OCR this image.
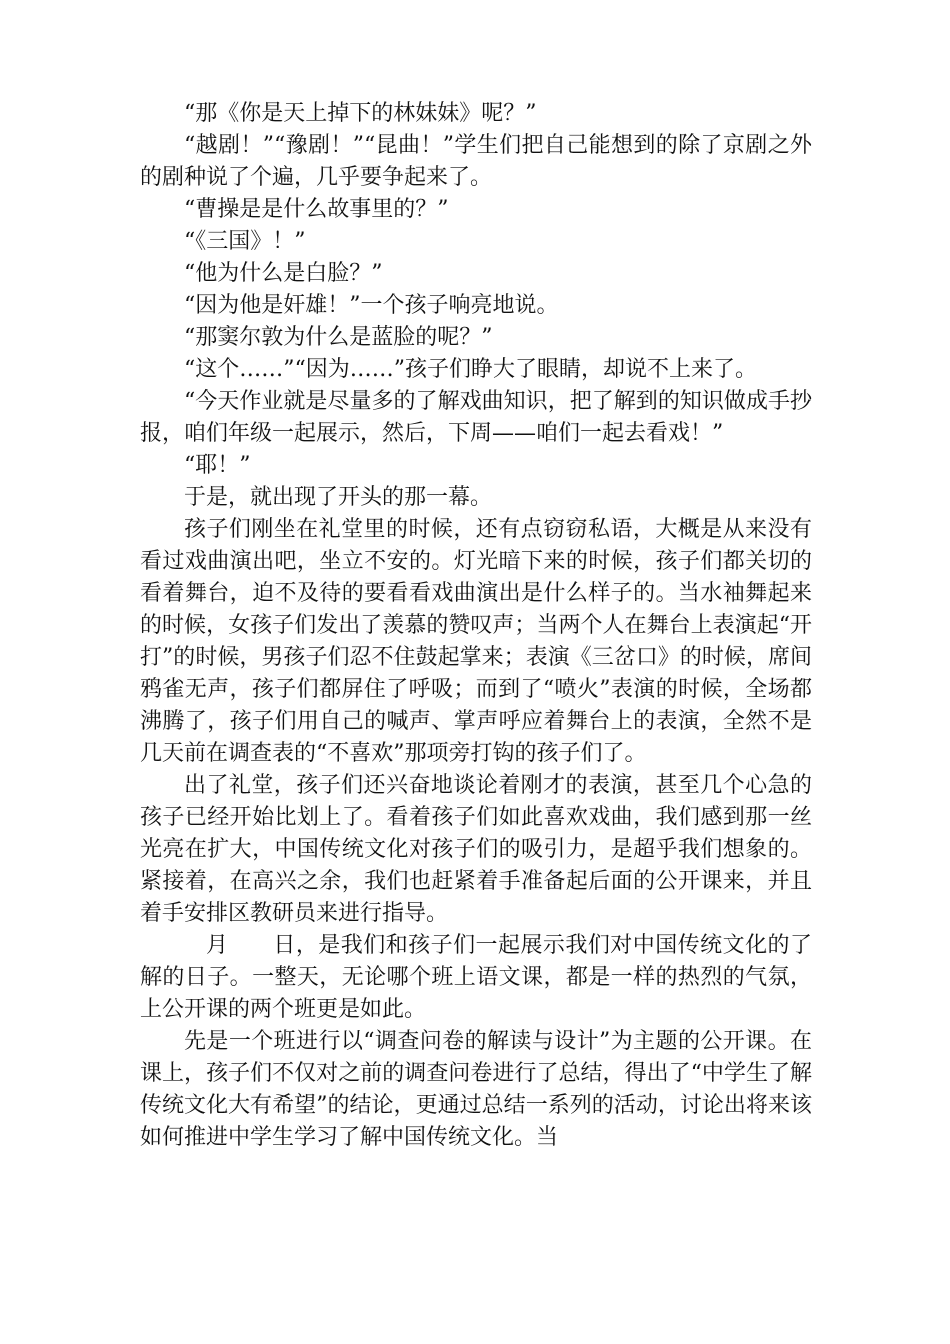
“那《你是天上掉下的林妹妹》呢？”

“越剧！”“豫剧！”“昆曲！”学生们把自己能想到的除了京剧之外的剧种说了个遍，几乎要争起来了。

“曹操是是什么故事里的？”

“《三国》！”

“他为什么是白脸？”

“因为他是奸雄！”一个孩子响亮地说。

“那窦尔敦为什么是蓝脸的呢？”

“这个……”“因为……”孩子们睁大了眼睛，却说不上来了。

“今天作业就是尽量多的了解戏曲知识，把了解到的知识做成手抄报，咱们年级一起展示，然后，下周——咱们一起去看戏！”

“耶！”

于是，就出现了开头的那一幕。

孩子们刚坐在礼堂里的时候，还有点窃窃私语，大概是从来没有看过戏曲演出吧，坐立不安的。灯光暗下来的时候，孩子们都关切的看着舞台，迫不及待的要看看戏曲演出是什么样子的。当水袖舞起来的时候，女孩子们发出了羡慕的赞叹声；当两个人在舞台上表演起“开打”的时候，男孩子们忍不住鼓起掌来；表演《三岔口》的时候，席间鸦雀无声，孩子们都屏住了呼吸；而到了“喷火”表演的时候，全场都沸腾了，孩子们用自己的喊声、掌声呼应着舞台上的表演，全然不是几天前在调查表的“不喜欢”那项旁打钩的孩子们了。

出了礼堂，孩子们还兴奋地谈论着刚才的表演，甚至几个心急的孩子已经开始比划上了。看着孩子们如此喜欢戏曲，我们感到那一丝光亮在扩大，中国传统文化对孩子们的吸引力，是超乎我们想象的。紧接着，在高兴之余，我们也赶紧着手准备起后面的公开课来，并且着手安排区教研员来进行指导。

月　　日，是我们和孩子们一起展示我们对中国传统文化的了解的日子。一整天，无论哪个班上语文课，都是一样的热烈的气氛，上公开课的两个班更是如此。

先是一个班进行以“调查问卷的解读与设计”为主题的公开课。在课上，孩子们不仅对之前的调查问卷进行了总结，得出了“中学生了解传统文化大有希望”的结论，更通过总结一系列的活动，讨论出将来该如何推进中学生学习了解中国传统文化。当
